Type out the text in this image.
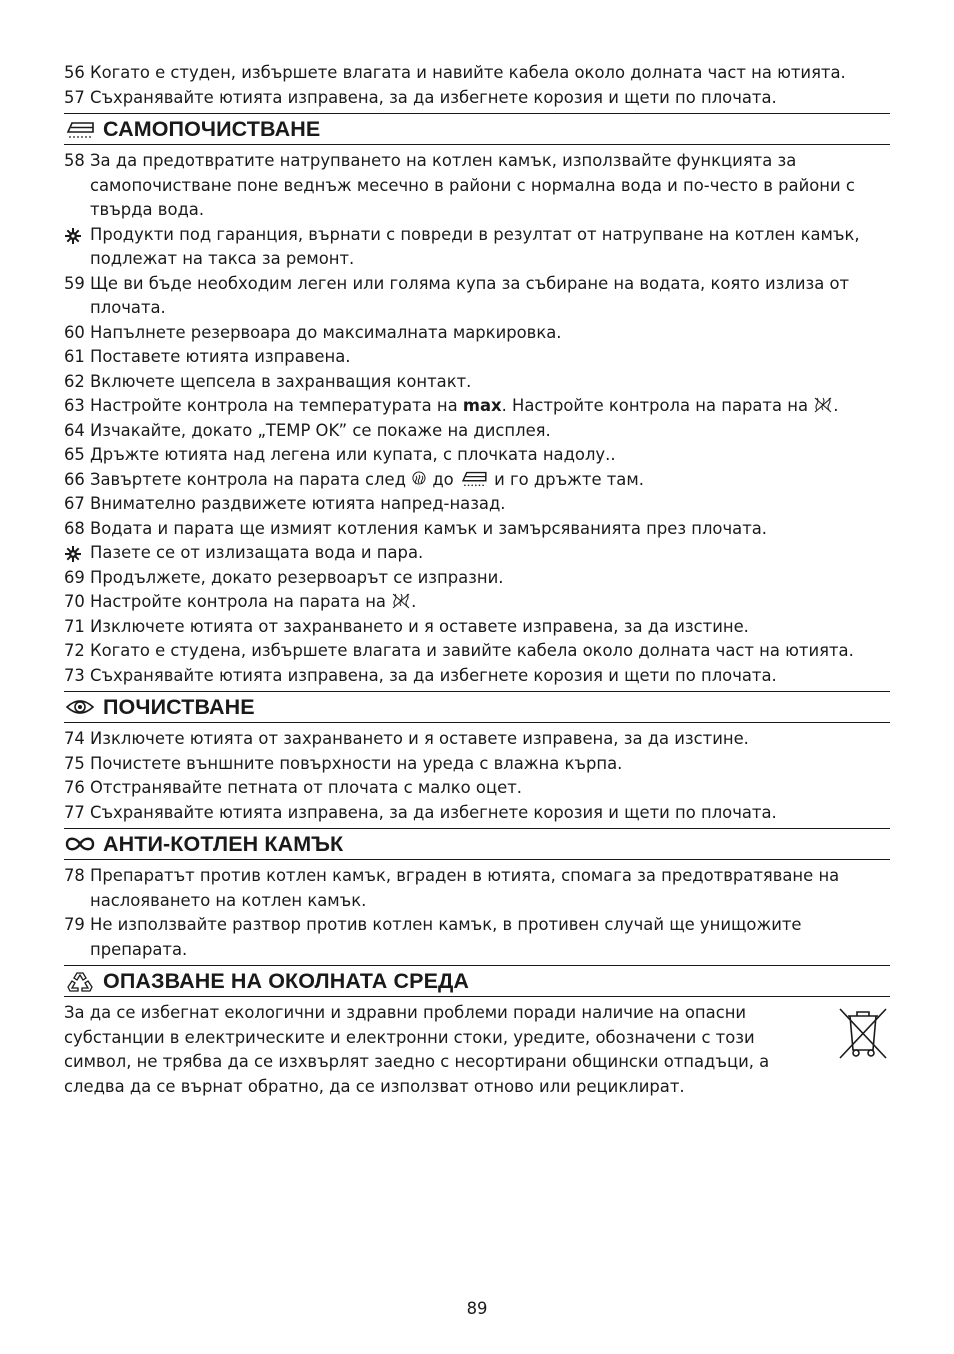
56 Когато е студен, избършете влагата и навийте кабела около долната част на ютията.
57 Съхранявайте ютията изправена, за да избегнете корозия и щети по плочата.
САМОПОЧИСТВАНЕ
58 За да предотвратите натрупването на котлен камък, използвайте функцията за самопочистване поне веднъж месечно в райони с нормална вода и по-често в райони с твърда вода.
Продукти под гаранция, върнати с повреди в резултат от натрупване на котлен камък, подлежат на такса за ремонт.
59 Ще ви бъде необходим леген или голяма купа за събиране на водата, която излиза от плочата.
60 Напълнете резервоара до максималната маркировка.
61 Поставете ютията изправена.
62 Включете щепсела в захранващия контакт.
63 Настройте контрола на температурата на max. Настройте контрола на парата на .
64 Изчакайте, докато „TEMP OK” се покаже на дисплея.
65 Дръжте ютията над легена или купата, с плочката надолу..
66 Завъртете контрола на парата след  до  и го дръжте там.
67 Внимателно раздвижете ютията напред-назад.
68 Водата и парата ще измият котления камък и замърсяванията през плочата.
Пазете се от излизащата вода и пара.
69 Продължете, докато резервоарът се изпразни.
70 Настройте контрола на парата на .
71 Изключете ютията от захранването и я оставете изправена, за да изстине.
72 Когато е студена, избършете влагата и завийте кабела около долната част на ютията.
73 Съхранявайте ютията изправена, за да избегнете корозия и щети по плочата.
ПОЧИСТВАНЕ
74 Изключете ютията от захранването и я оставете изправена, за да изстине.
75 Почистете външните повърхности на уреда с влажна кърпа.
76 Отстранявайте петната от плочата с малко оцет.
77 Съхранявайте ютията изправена, за да избегнете корозия и щети по плочата.
АНТИ-КОТЛЕН КАМЪК
78 Препаратът против котлен камък, вграден в ютията, спомага за предотвратяване на наслояването на котлен камък.
79 Не използвайте разтвор против котлен камък, в противен случай ще унищожите препарата.
ОПАЗВАНЕ НА ОКОЛНАТА СРЕДА
За да се избегнат екологични и здравни проблеми поради наличие на опасни субстанции в електрическите и електронни стоки, уредите, обозначени с този символ, не трябва да се изхвърлят заедно с несортирани общински отпадъци, а следва да се върнат обратно, да се използват отново или рециклират.
89
